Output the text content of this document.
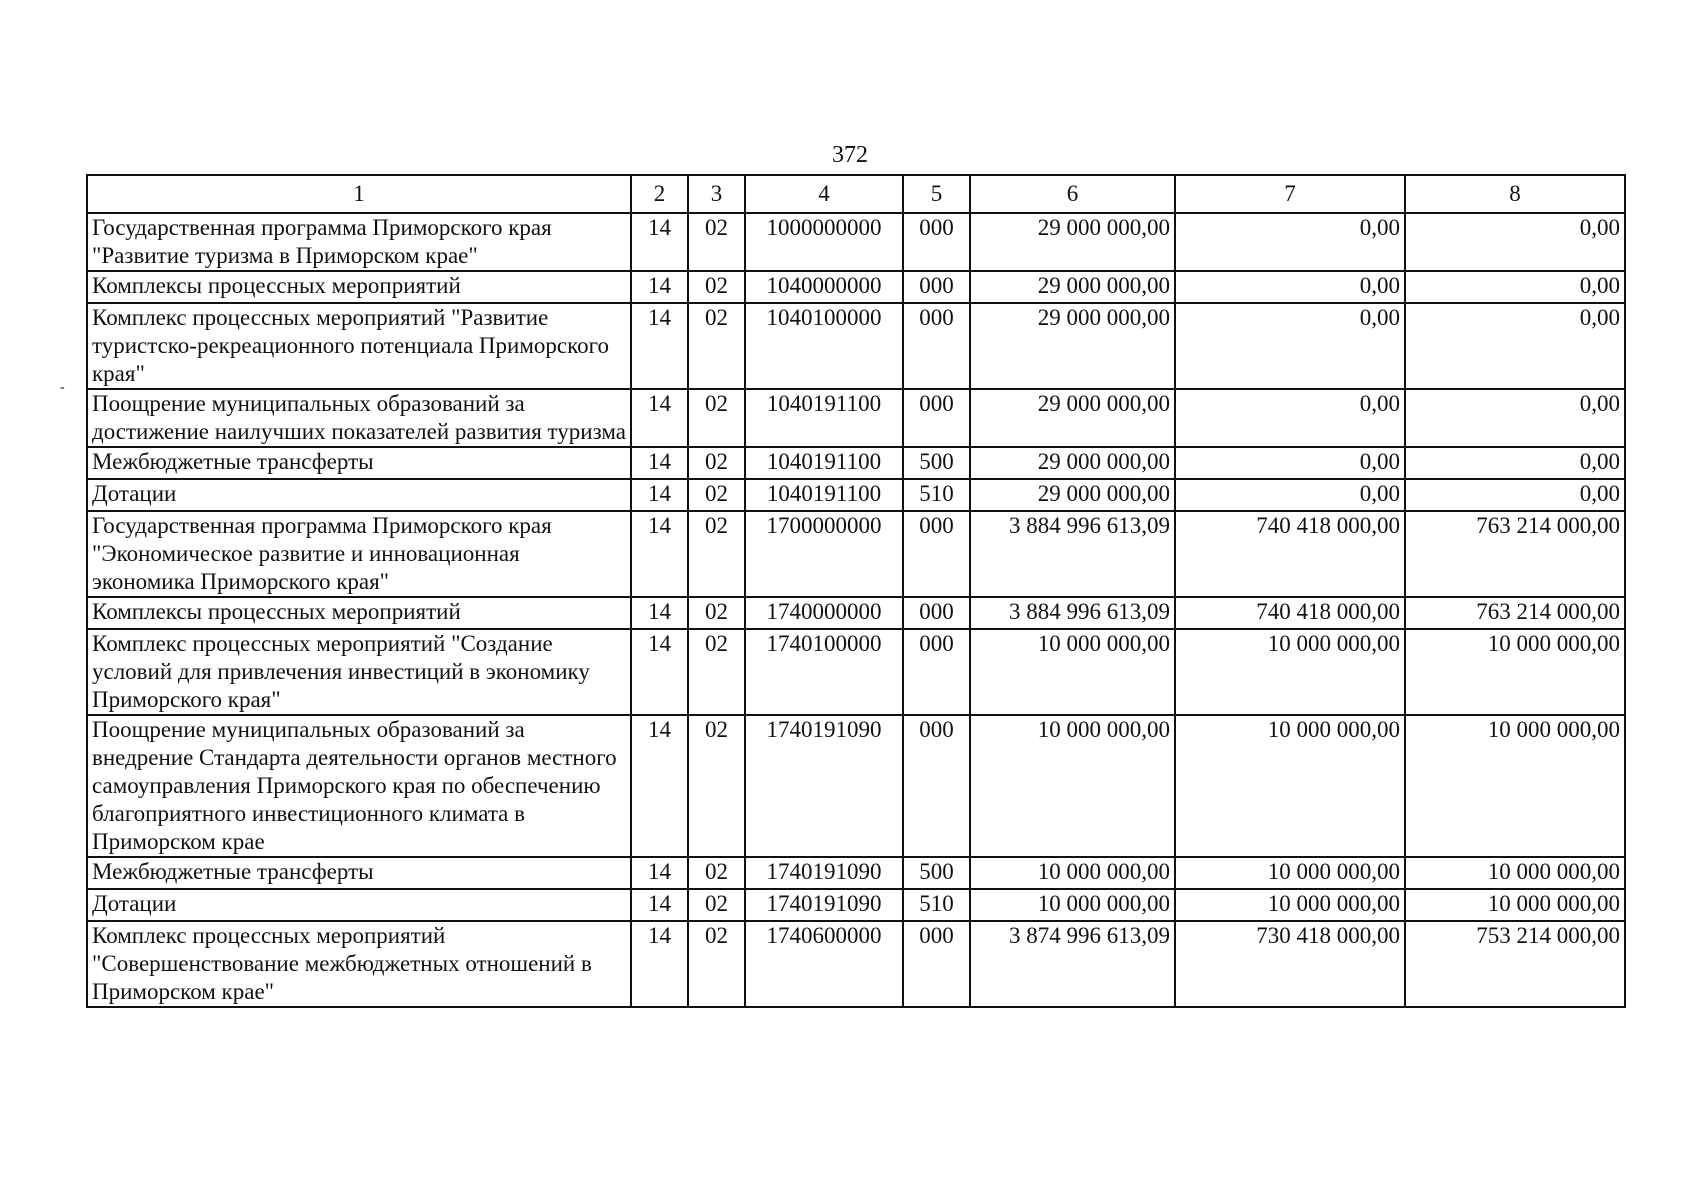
372
-
1	2	3	4	5	6	7	8
Государственная программа Приморского края "Развитие туризма в Приморском крае"	14	02	1000000000	000	29 000 000,00	0,00	0,00
Комплексы процессных мероприятий	14	02	1040000000	000	29 000 000,00	0,00	0,00
Комплекс процессных мероприятий "Развитие туристско-рекреационного потенциала Приморского края"	14	02	1040100000	000	29 000 000,00	0,00	0,00
Поощрение муниципальных образований за достижение наилучших показателей развития туризма	14	02	1040191100	000	29 000 000,00	0,00	0,00
Межбюджетные трансферты	14	02	1040191100	500	29 000 000,00	0,00	0,00
Дотации	14	02	1040191100	510	29 000 000,00	0,00	0,00
Государственная программа Приморского края "Экономическое развитие и инновационная экономика Приморского края"	14	02	1700000000	000	3 884 996 613,09	740 418 000,00	763 214 000,00
Комплексы процессных мероприятий	14	02	1740000000	000	3 884 996 613,09	740 418 000,00	763 214 000,00
Комплекс процессных мероприятий "Создание условий для привлечения инвестиций в экономику Приморского края"	14	02	1740100000	000	10 000 000,00	10 000 000,00	10 000 000,00
Поощрение муниципальных образований за внедрение Стандарта деятельности органов местного самоуправления Приморского края по обеспечению благоприятного инвестиционного климата в Приморском крае	14	02	1740191090	000	10 000 000,00	10 000 000,00	10 000 000,00
Межбюджетные трансферты	14	02	1740191090	500	10 000 000,00	10 000 000,00	10 000 000,00
Дотации	14	02	1740191090	510	10 000 000,00	10 000 000,00	10 000 000,00
Комплекс процессных мероприятий "Совершенствование межбюджетных отношений в Приморском крае"	14	02	1740600000	000	3 874 996 613,09	730 418 000,00	753 214 000,00
